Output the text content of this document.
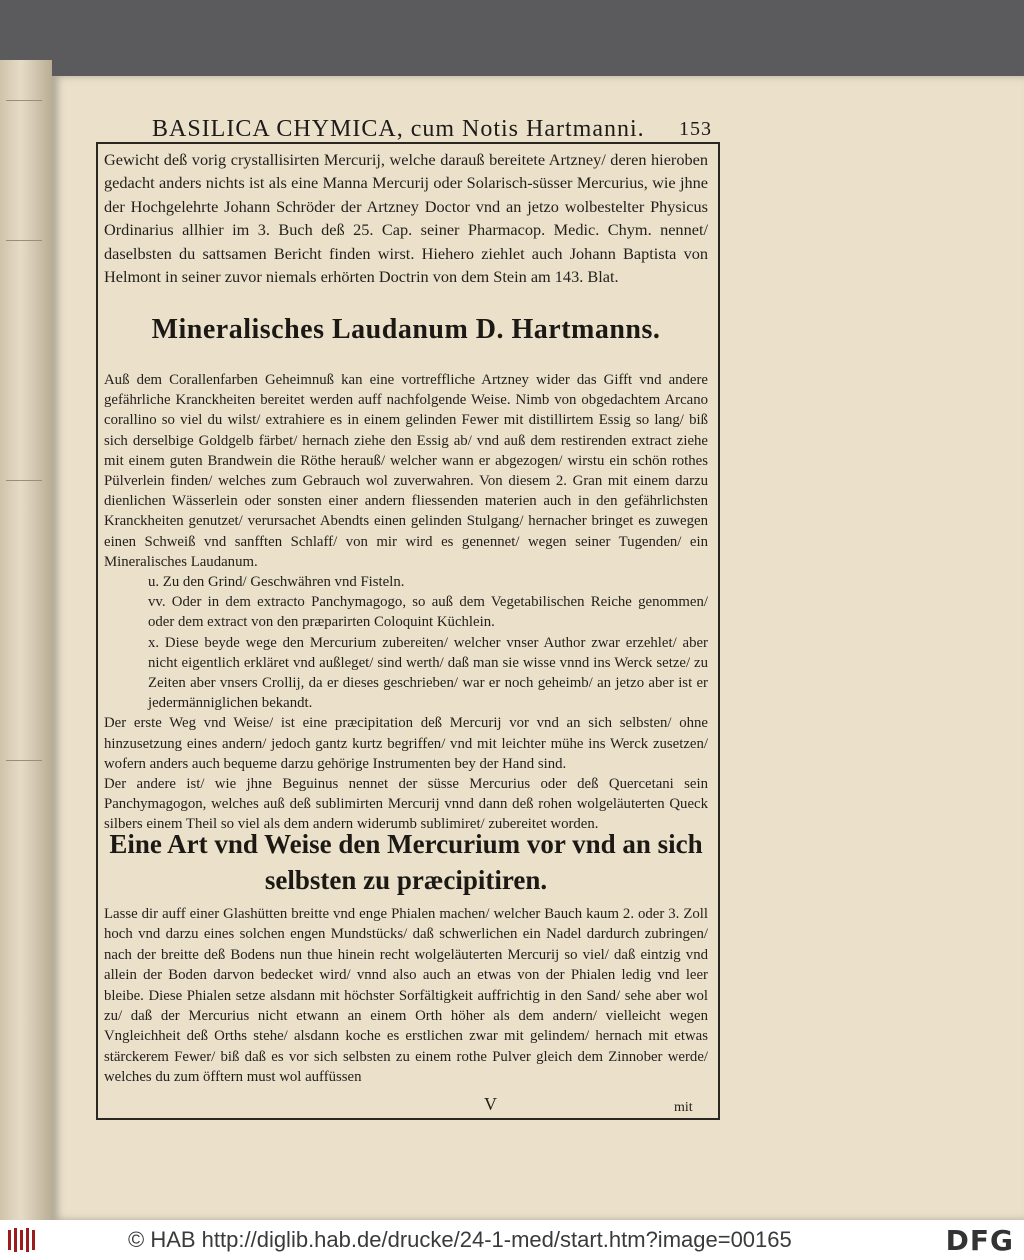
BASILICA CHYMICA, cum Notis Hartmanni. 153

Gewicht deß vorig crystallisirten Mercurij, welche darauß bereitete Artzney/ deren hieroben gedacht anders nichts ist als eine Manna Mercurij oder Solarisch-süsser Mercurius, wie jhne der Hochgelehrte Johann Schröder der Artzney Doctor vnd an jetzo wolbestelter Physicus Ordinarius allhier im 3. Buch deß 25. Cap. seiner Pharmacop. Medic. Chym. nennet/ daselbsten du sattsamen Bericht finden wirst. Hiehero ziehlet auch Johann Baptista von Helmont in seiner zuvor niemals erhörten Doctrin von dem Stein am 143. Blat.

Mineralisches Laudanum D. Hartmanns.

Auß dem Corallenfarben Geheimnuß kan eine vortreffliche Artzney wider das Gifft vnd andere gefährliche Kranckheiten bereitet werden auff nachfolgende Weise. Nimb von obgedachtem Arcano corallino so viel du wilst/ extrahiere es in einem gelinden Fewer mit distillirtem Essig so lang/ biß sich derselbige Goldgelb färbet/ hernach ziehe den Essig ab/ vnd auß dem restirenden extract ziehe mit einem guten Brandwein die Röthe herauß/ welcher wann er abgezogen/ wirstu ein schön rothes Pülverlein finden/ welches zum Gebrauch wol zuverwahren. Von diesem 2. Gran mit einem darzu dienlichen Wässerlein oder sonsten einer andern fliessenden materien auch in den gefährlichsten Kranckheiten genutzet/ verursachet Abendts einen gelinden Stulgang/ hernacher bringet es zuwegen einen Schweiß vnd sanfften Schlaff/ von mir wird es genennet/ wegen seiner Tugenden/ ein Mineralisches Laudanum.

u. Zu den Grind/ Geschwähren vnd Fisteln.

vv. Oder in dem extracto Panchymagogo, so auß dem Vegetabilischen Reiche genommen/ oder dem extract von den præparirten Coloquint Küchlein.

x. Diese beyde wege den Mercurium zubereiten/ welcher vnser Author zwar erzehlet/ aber nicht eigentlich erkläret vnd außleget/ sind werth/ daß man sie wisse vnnd ins Werck setze/ zu Zeiten aber vnsers Crollij, da er dieses geschrieben/ war er noch geheimb/ an jetzo aber ist er jedermänniglichen bekandt.

Der erste Weg vnd Weise/ ist eine præcipitation deß Mercurij vor vnd an sich selbsten/ ohne hinzusetzung eines andern/ jedoch gantz kurtz begriffen/ vnd mit leichter mühe ins Werck zusetzen/ wofern anders auch bequeme darzu gehörige Instrumenten bey der Hand sind.

Der andere ist/ wie jhne Beguinus nennet der süsse Mercurius oder deß Quercetani sein Panchymagogon, welches auß deß sublimirten Mercurij vnnd dann deß rohen wolgeläuterten Queck silbers einem Theil so viel als dem andern widerumb sublimiret/ zubereitet worden.

Eine Art vnd Weise den Mercurium vor vnd an sich selbsten zu præcipitiren.

Lasse dir auff einer Glashütten breitte vnd enge Phialen machen/ welcher Bauch kaum 2. oder 3. Zoll hoch vnd darzu eines solchen engen Mundstücks/ daß schwerlichen ein Nadel dardurch zubringen/ nach der breitte deß Bodens nun thue hinein recht wolgeläuterten Mercurij so viel/ daß eintzig vnd allein der Boden darvon bedecket wird/ vnnd also auch an etwas von der Phialen ledig vnd leer bleibe. Diese Phialen setze alsdann mit höchster Sorfältigkeit auffrichtig in den Sand/ sehe aber wol zu/ daß der Mercurius nicht etwann an einem Orth höher als dem andern/ vielleicht wegen Vngleichheit deß Orths stehe/ alsdann koche es erstlichen zwar mit gelindem/ hernach mit etwas stärckerem Fewer/ biß daß es vor sich selbsten zu einem rothe Pulver gleich dem Zinnober werde/ welches du zum öfftern must wol auffüssen

V	mit
© HAB http://diglib.hab.de/drucke/24-1-med/start.htm?image=00165	DFG
